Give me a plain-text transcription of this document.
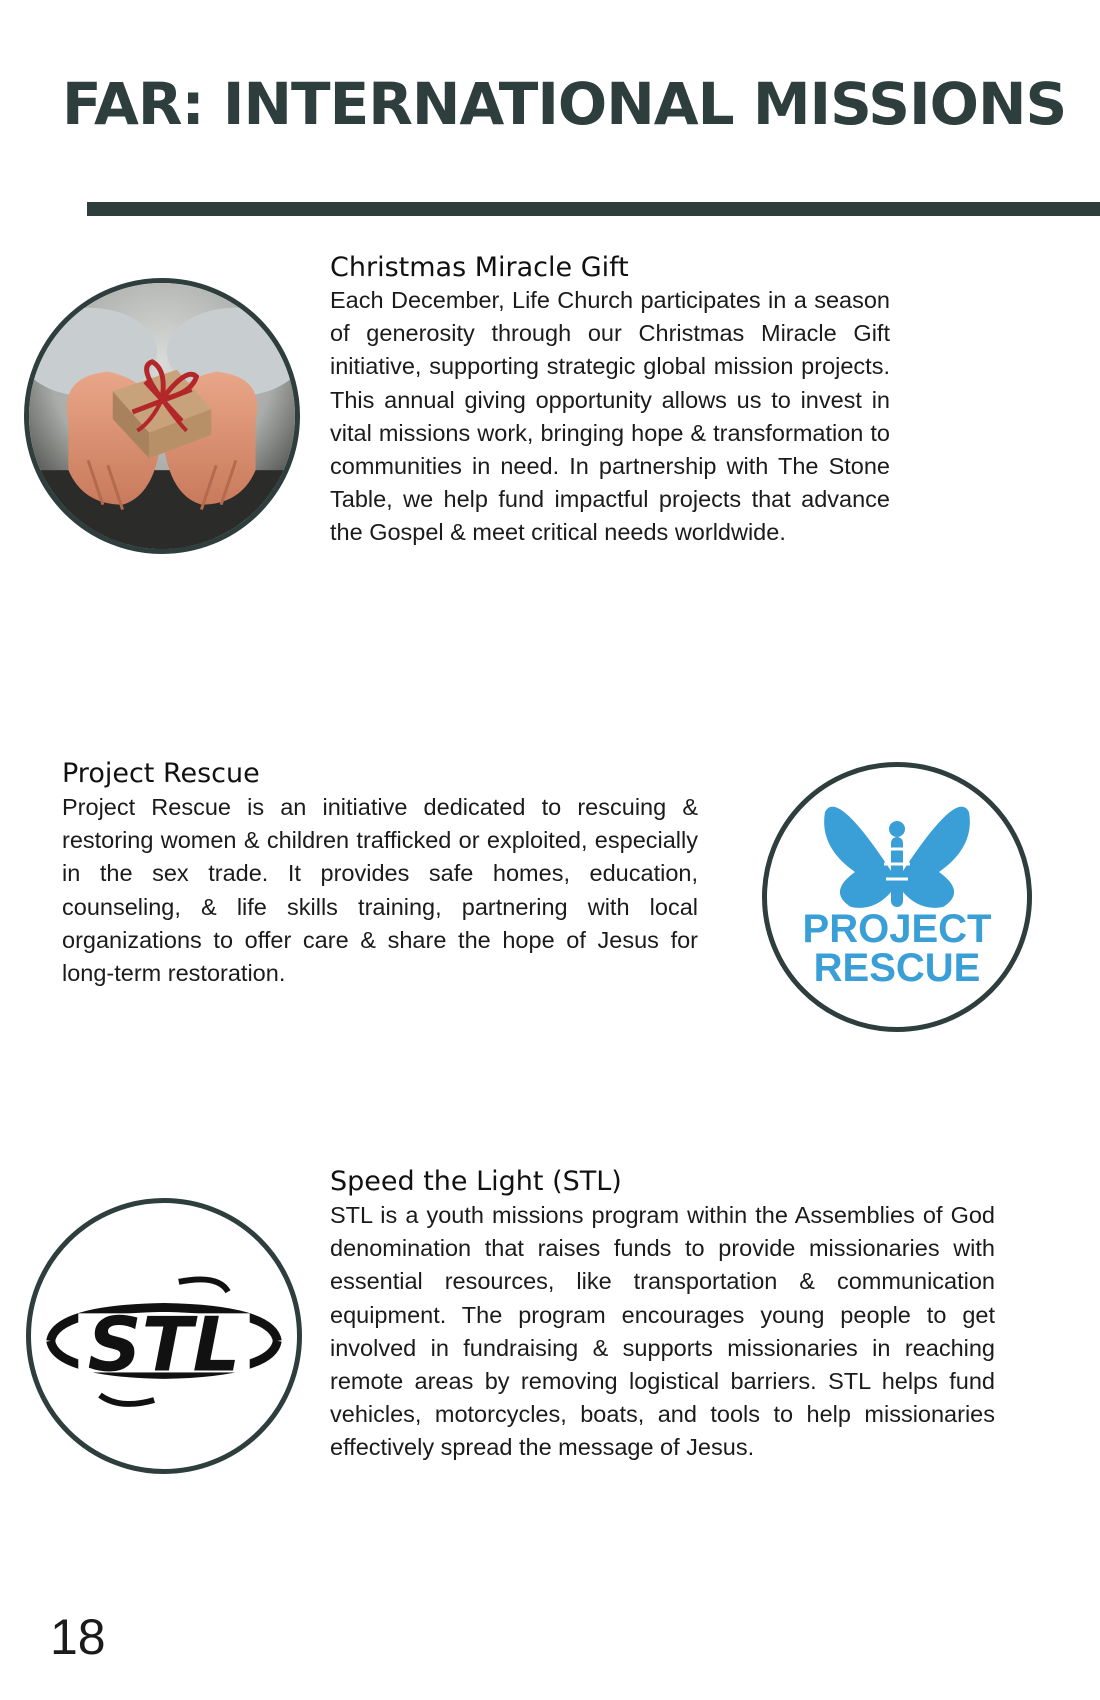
FAR: INTERNATIONAL MISSIONS
Christmas Miracle Gift

Each December, Life Church participates in a season of generosity through our Christmas Miracle Gift initiative, supporting strategic global mission projects. This annual giving opportunity allows us to invest in vital missions work, bringing hope & transformation to communities in need. In partnership with The Stone Table, we help fund impactful projects that advance the Gospel & meet critical needs worldwide.

Project Rescue

Project Rescue is an initiative dedicated to rescuing & restoring women & children trafficked or exploited, especially in the sex trade. It provides safe homes, education, counseling, & life skills training, partnering with local organizations to offer care & share the hope of Jesus for long-term restoration.

PROJECT
RESCUE
STL
Speed the Light (STL)

STL is a youth missions program within the Assemblies of God denomination that raises funds to provide missionaries with essential resources, like transportation & communication equipment. The program encourages young people to get involved in fundraising & supports missionaries in reaching remote areas by removing logistical barriers. STL helps fund vehicles, motorcycles, boats, and tools to help missionaries effectively spread the message of Jesus.

18
